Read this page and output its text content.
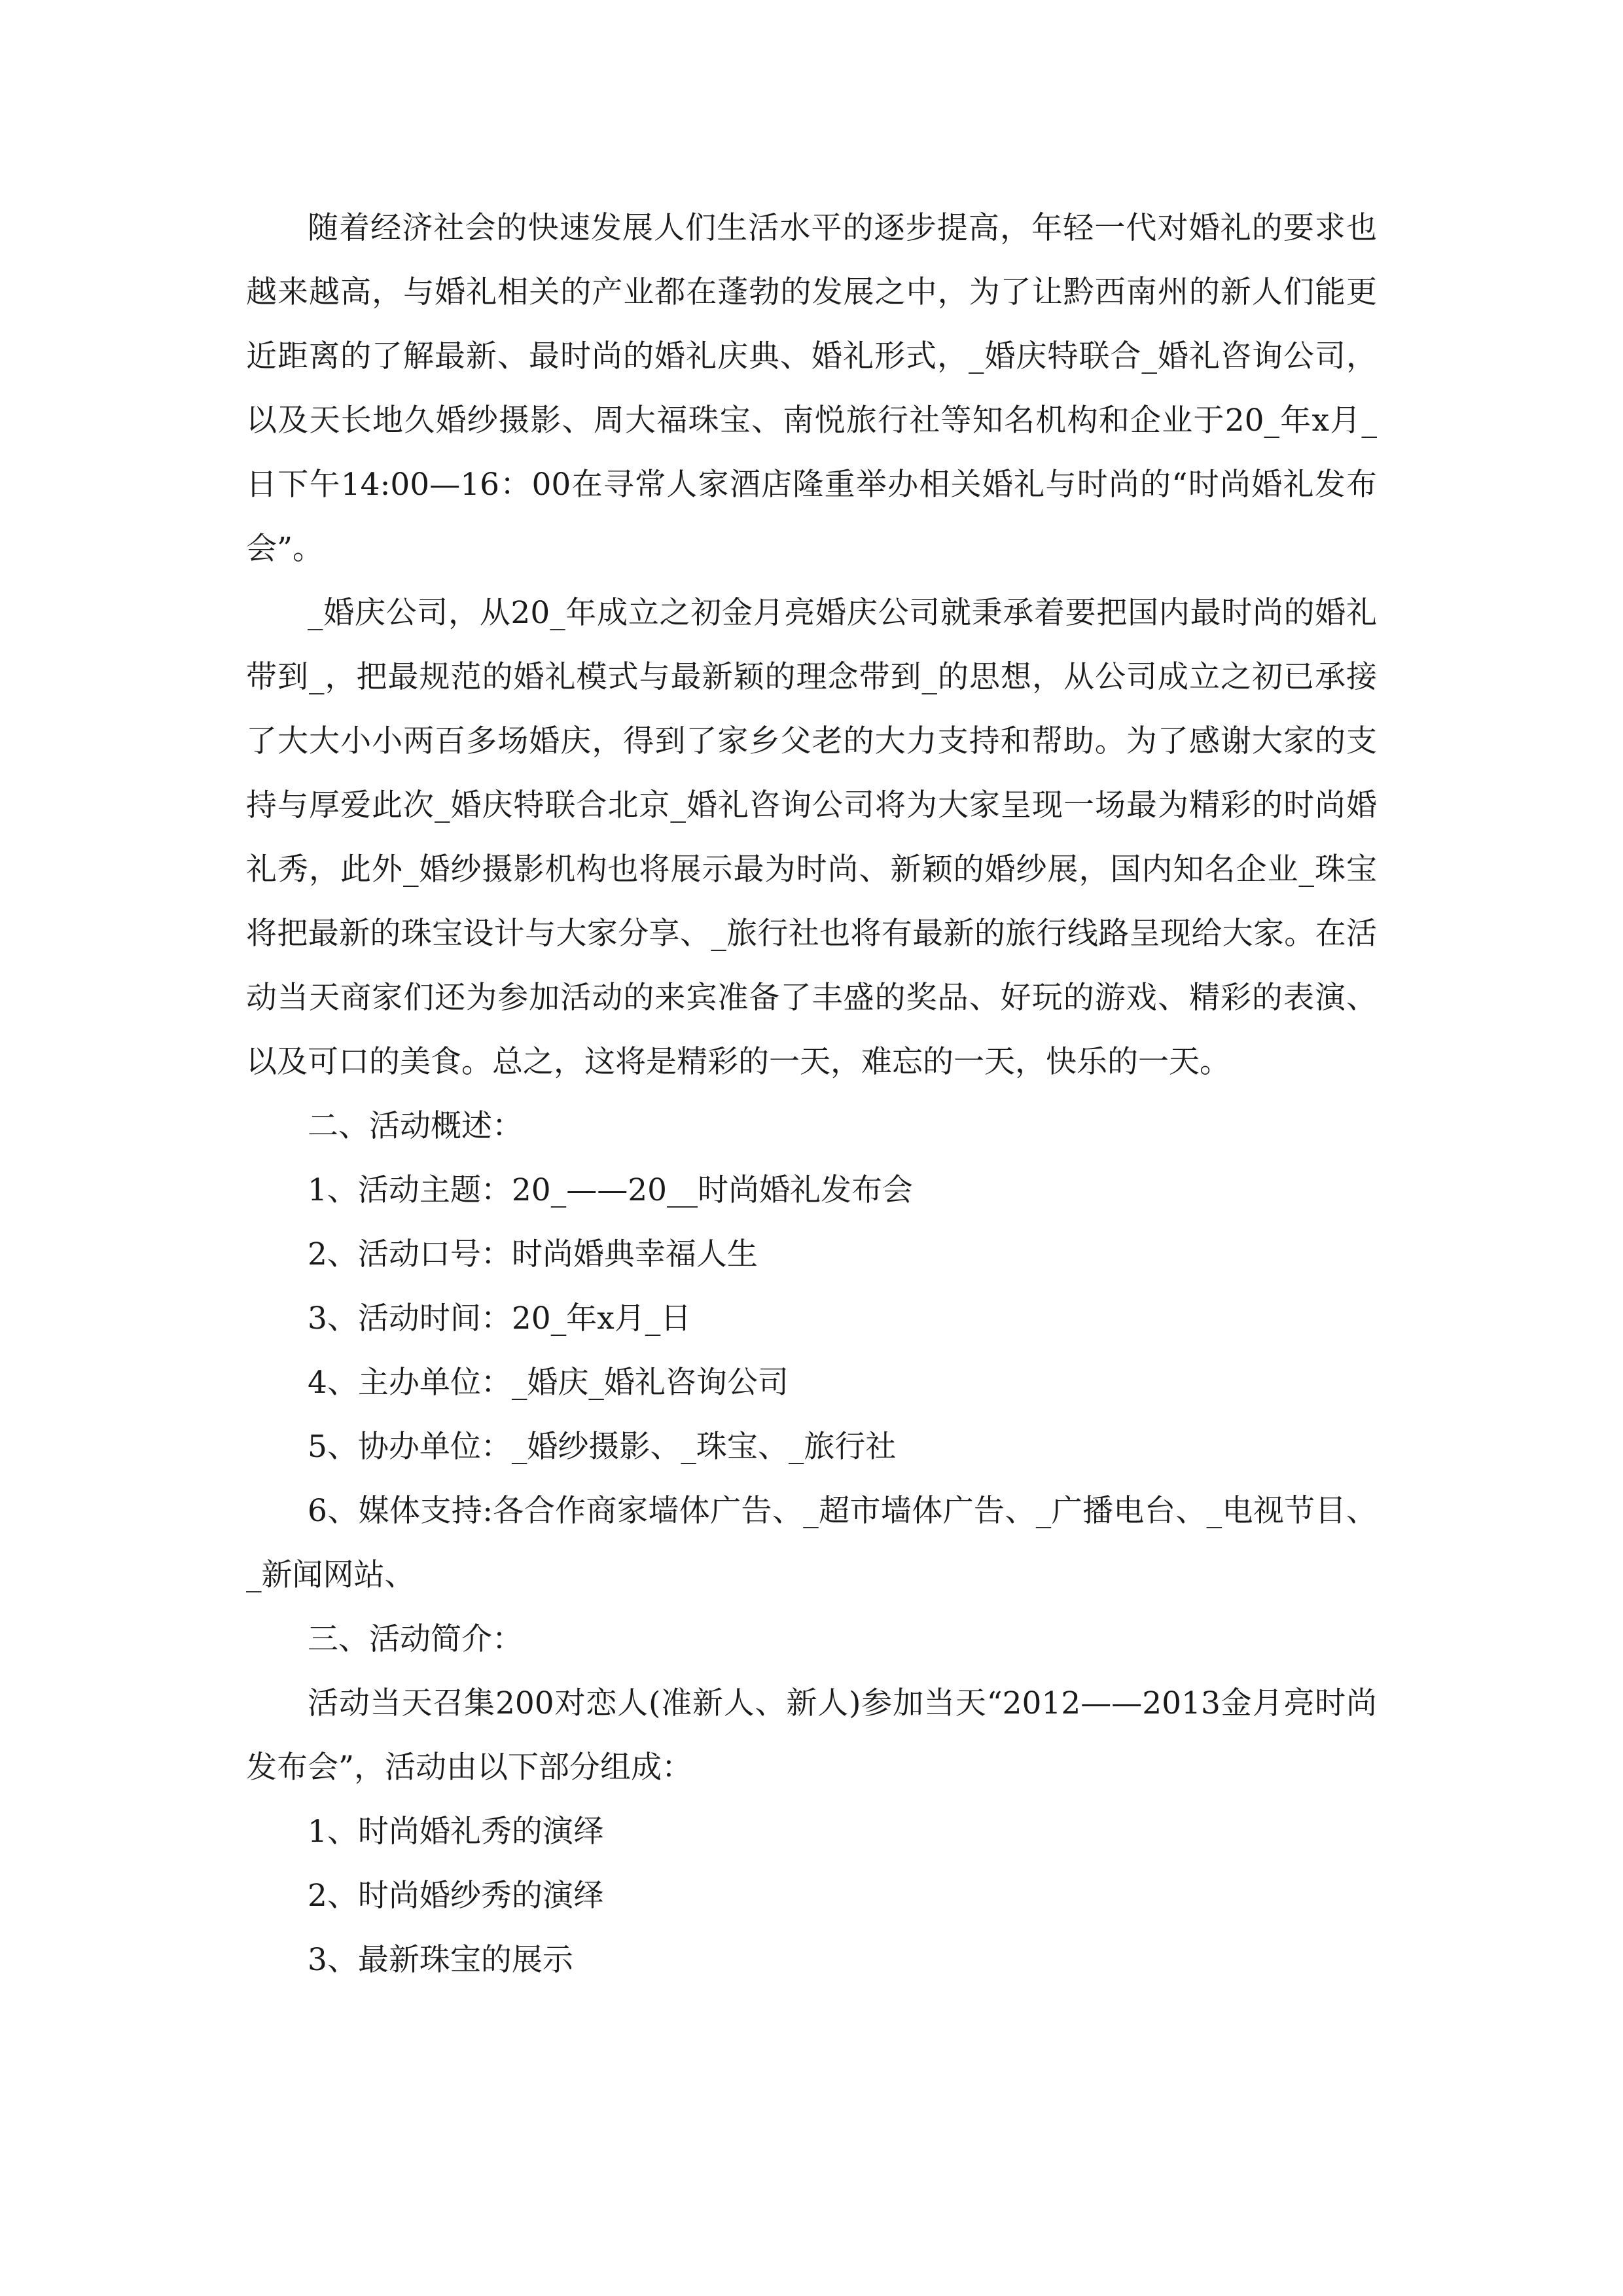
随着经济社会的快速发展人们生活水平的逐步提高，年轻一代对婚礼的要求也越来越高，与婚礼相关的产业都在蓬勃的发展之中，为了让黔西南州的新人们能更近距离的了解最新、最时尚的婚礼庆典、婚礼形式，_婚庆特联合_婚礼咨询公司，以及天长地久婚纱摄影、周大福珠宝、南悦旅行社等知名机构和企业于20_年x月_日下午14:00—16：00在寻常人家酒店隆重举办相关婚礼与时尚的“时尚婚礼发布会”。

_婚庆公司，从20_年成立之初金月亮婚庆公司就秉承着要把国内最时尚的婚礼带到_，把最规范的婚礼模式与最新颖的理念带到_的思想，从公司成立之初已承接了大大小小两百多场婚庆，得到了家乡父老的大力支持和帮助。为了感谢大家的支持与厚爱此次_婚庆特联合北京_婚礼咨询公司将为大家呈现一场最为精彩的时尚婚礼秀，此外_婚纱摄影机构也将展示最为时尚、新颖的婚纱展，国内知名企业_珠宝将把最新的珠宝设计与大家分享、_旅行社也将有最新的旅行线路呈现给大家。在活动当天商家们还为参加活动的来宾准备了丰盛的奖品、好玩的游戏、精彩的表演、以及可口的美食。总之，这将是精彩的一天，难忘的一天，快乐的一天。

二、活动概述：

1、活动主题：20_——20__时尚婚礼发布会

2、活动口号：时尚婚典幸福人生

3、活动时间：20_年x月_日

4、主办单位：_婚庆_婚礼咨询公司

5、协办单位：_婚纱摄影、_珠宝、_旅行社

6、媒体支持:各合作商家墙体广告、_超市墙体广告、_广播电台、_电视节目、_新闻网站、

三、活动简介：

活动当天召集200对恋人(准新人、新人)参加当天“2012——2013金月亮时尚发布会”，活动由以下部分组成：

1、时尚婚礼秀的演绎

2、时尚婚纱秀的演绎

3、最新珠宝的展示
